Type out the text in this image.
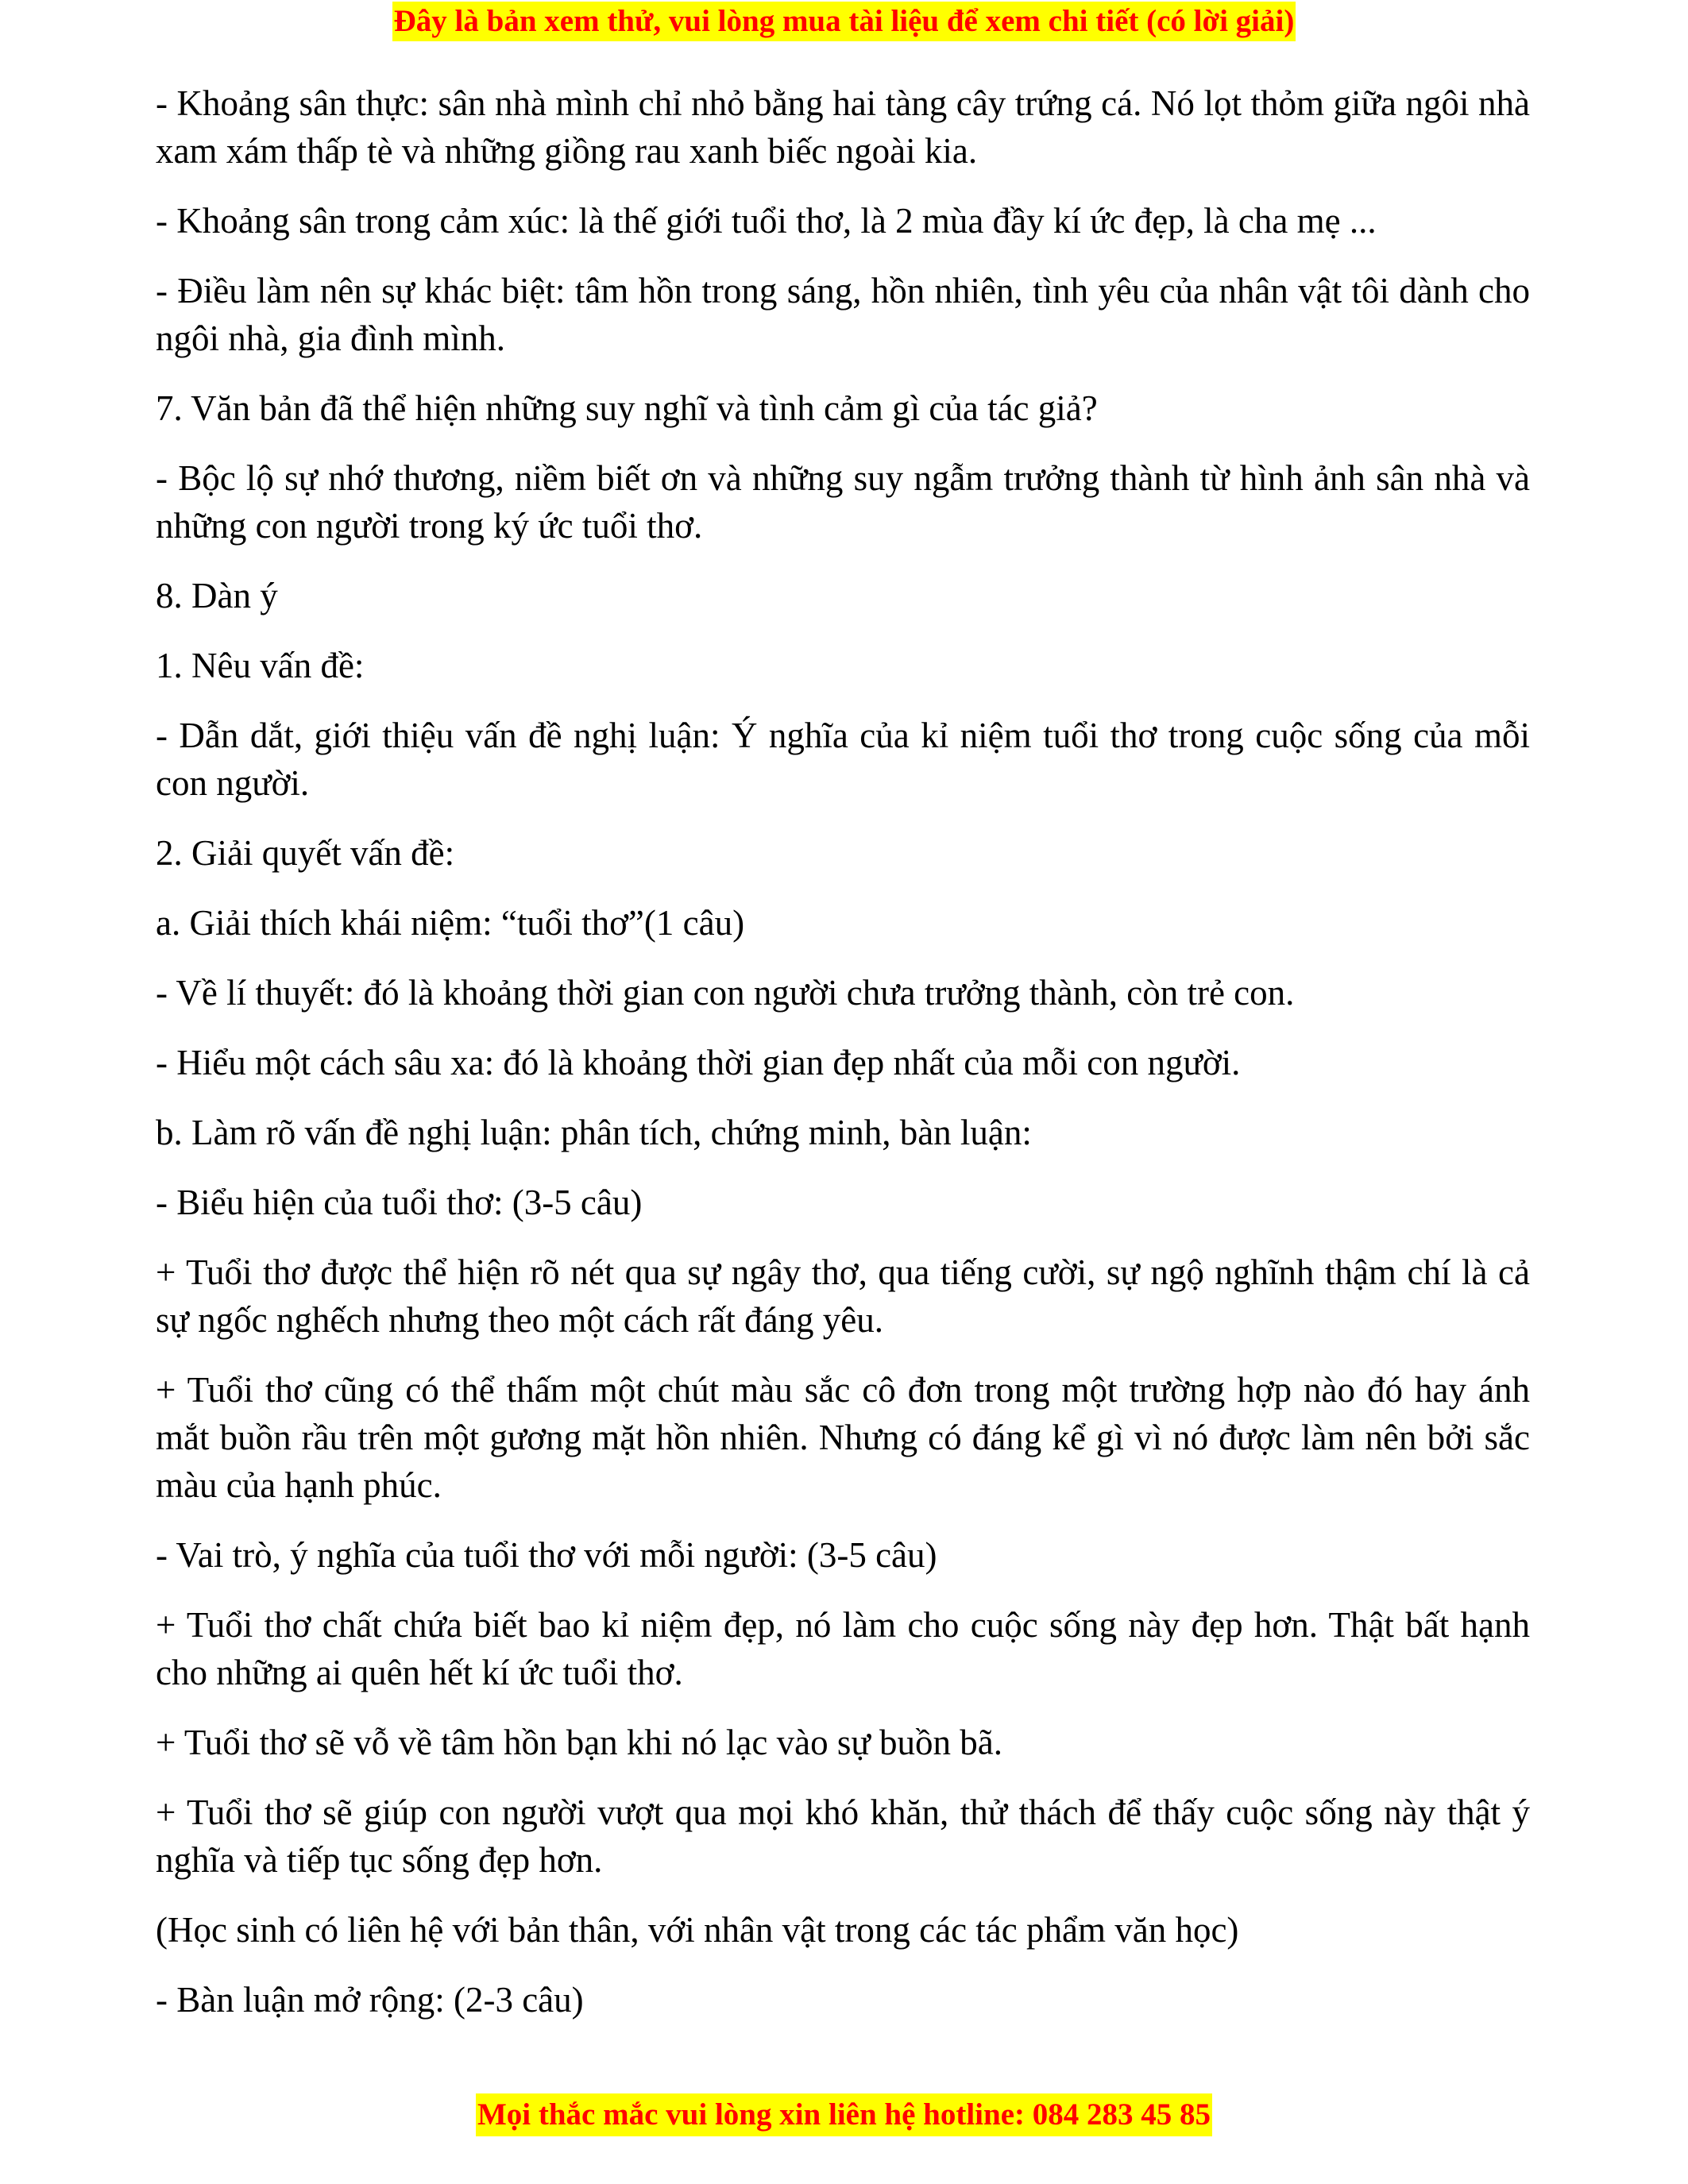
Đây là bản xem thử, vui lòng mua tài liệu để xem chi tiết (có lời giải)

- Khoảng sân thực: sân nhà mình chỉ nhỏ bằng hai tàng cây trứng cá. Nó lọt thỏm giữa ngôi nhà xam xám thấp tè và những giồng rau xanh biếc ngoài kia.

- Khoảng sân trong cảm xúc: là thế giới tuổi thơ, là 2 mùa đầy kí ức đẹp, là cha mẹ ...

- Điều làm nên sự khác biệt: tâm hồn trong sáng, hồn nhiên, tình yêu của nhân vật tôi dành cho ngôi nhà, gia đình mình.

7. Văn bản đã thể hiện những suy nghĩ và tình cảm gì của tác giả?

- Bộc lộ sự nhớ thương, niềm biết ơn và những suy ngẫm trưởng thành từ hình ảnh sân nhà và những con người trong ký ức tuổi thơ.

8. Dàn ý

1. Nêu vấn đề:

- Dẫn dắt, giới thiệu vấn đề nghị luận: Ý nghĩa của kỉ niệm tuổi thơ trong cuộc sống của mỗi con người.

2. Giải quyết vấn đề:

a. Giải thích khái niệm: “tuổi thơ”(1 câu)

- Về lí thuyết: đó là khoảng thời gian con người chưa trưởng thành, còn trẻ con.

- Hiểu một cách sâu xa: đó là khoảng thời gian đẹp nhất của mỗi con người.

b. Làm rõ vấn đề nghị luận: phân tích, chứng minh, bàn luận:

- Biểu hiện của tuổi thơ: (3-5 câu)

+ Tuổi thơ được thể hiện rõ nét qua sự ngây thơ, qua tiếng cười, sự ngộ nghĩnh thậm chí là cả sự ngốc nghếch nhưng theo một cách rất đáng yêu.

+ Tuổi thơ cũng có thể thấm một chút màu sắc cô đơn trong một trường hợp nào đó hay ánh mắt buồn rầu trên một gương mặt hồn nhiên. Nhưng có đáng kể gì vì nó được làm nên bởi sắc màu của hạnh phúc.

- Vai trò, ý nghĩa của tuổi thơ với mỗi người: (3-5 câu)

+ Tuổi thơ chất chứa biết bao kỉ niệm đẹp, nó làm cho cuộc sống này đẹp hơn. Thật bất hạnh cho những ai quên hết kí ức tuổi thơ.

+ Tuổi thơ sẽ vỗ về tâm hồn bạn khi nó lạc vào sự buồn bã.

+ Tuổi thơ sẽ giúp con người vượt qua mọi khó khăn, thử thách để thấy cuộc sống này thật ý nghĩa và tiếp tục sống đẹp hơn.

(Học sinh có liên hệ với bản thân, với nhân vật trong các tác phẩm văn học)

- Bàn luận mở rộng: (2-3 câu)

Mọi thắc mắc vui lòng xin liên hệ hotline: 084 283 45 85
